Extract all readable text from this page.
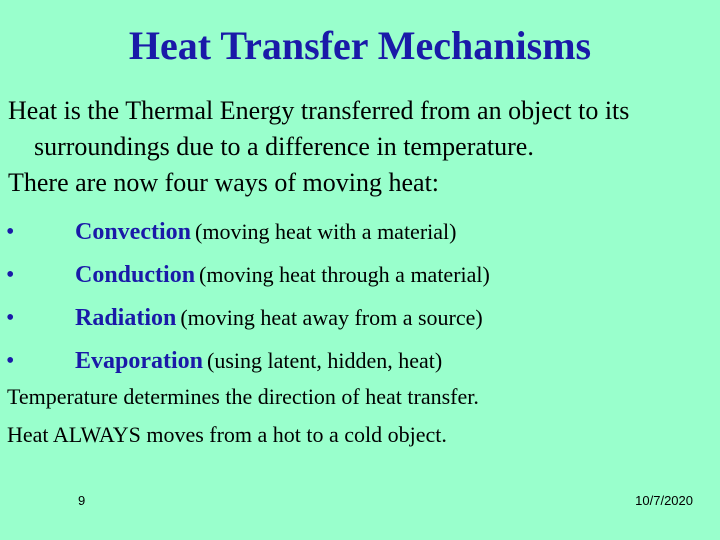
Heat Transfer Mechanisms

Heat is the Thermal Energy transferred from an object to its surroundings due to a difference in temperature.

There are now four ways of moving heat:

•	Convection (moving heat with a material)
•	Conduction (moving heat through a material)
•	Radiation (moving heat away from a source)
•	Evaporation (using latent, hidden, heat)

Temperature determines the direction of heat transfer.

Heat ALWAYS moves from a hot to a cold object.

9	10/7/2020
